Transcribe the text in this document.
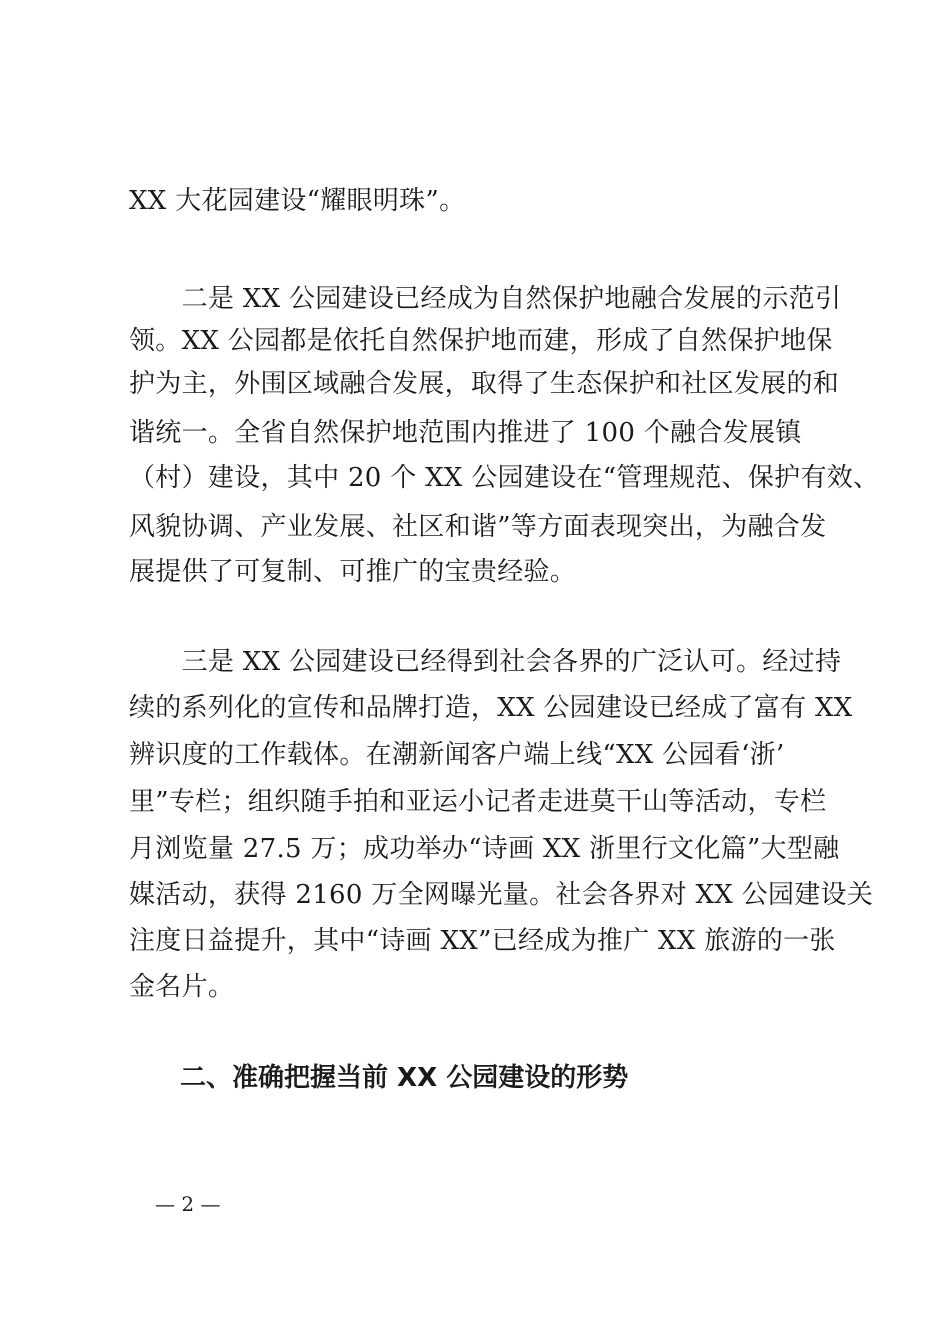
XX 大花园建设“耀眼明珠”。
　　二是 XX 公园建设已经成为自然保护地融合发展的示范引
领。XX 公园都是依托自然保护地而建，形成了自然保护地保
护为主，外围区域融合发展，取得了生态保护和社区发展的和
谐统一。全省自然保护地范围内推进了 100 个融合发展镇
（村）建设，其中 20 个 XX 公园建设在“管理规范、保护有效、
风貌协调、产业发展、社区和谐”等方面表现突出，为融合发
展提供了可复制、可推广的宝贵经验。
　　三是 XX 公园建设已经得到社会各界的广泛认可。经过持
续的系列化的宣传和品牌打造，XX 公园建设已经成了富有 XX
辨识度的工作载体。在潮新闻客户端上线“XX 公园看‘浙’
里”专栏；组织随手拍和亚运小记者走进莫干山等活动，专栏
月浏览量 27.5 万；成功举办“诗画 XX 浙里行文化篇”大型融
媒活动，获得 2160 万全网曝光量。社会各界对 XX 公园建设关
注度日益提升，其中“诗画 XX”已经成为推广 XX 旅游的一张
金名片。
二、准确把握当前 XX 公园建设的形势
— 2 —
